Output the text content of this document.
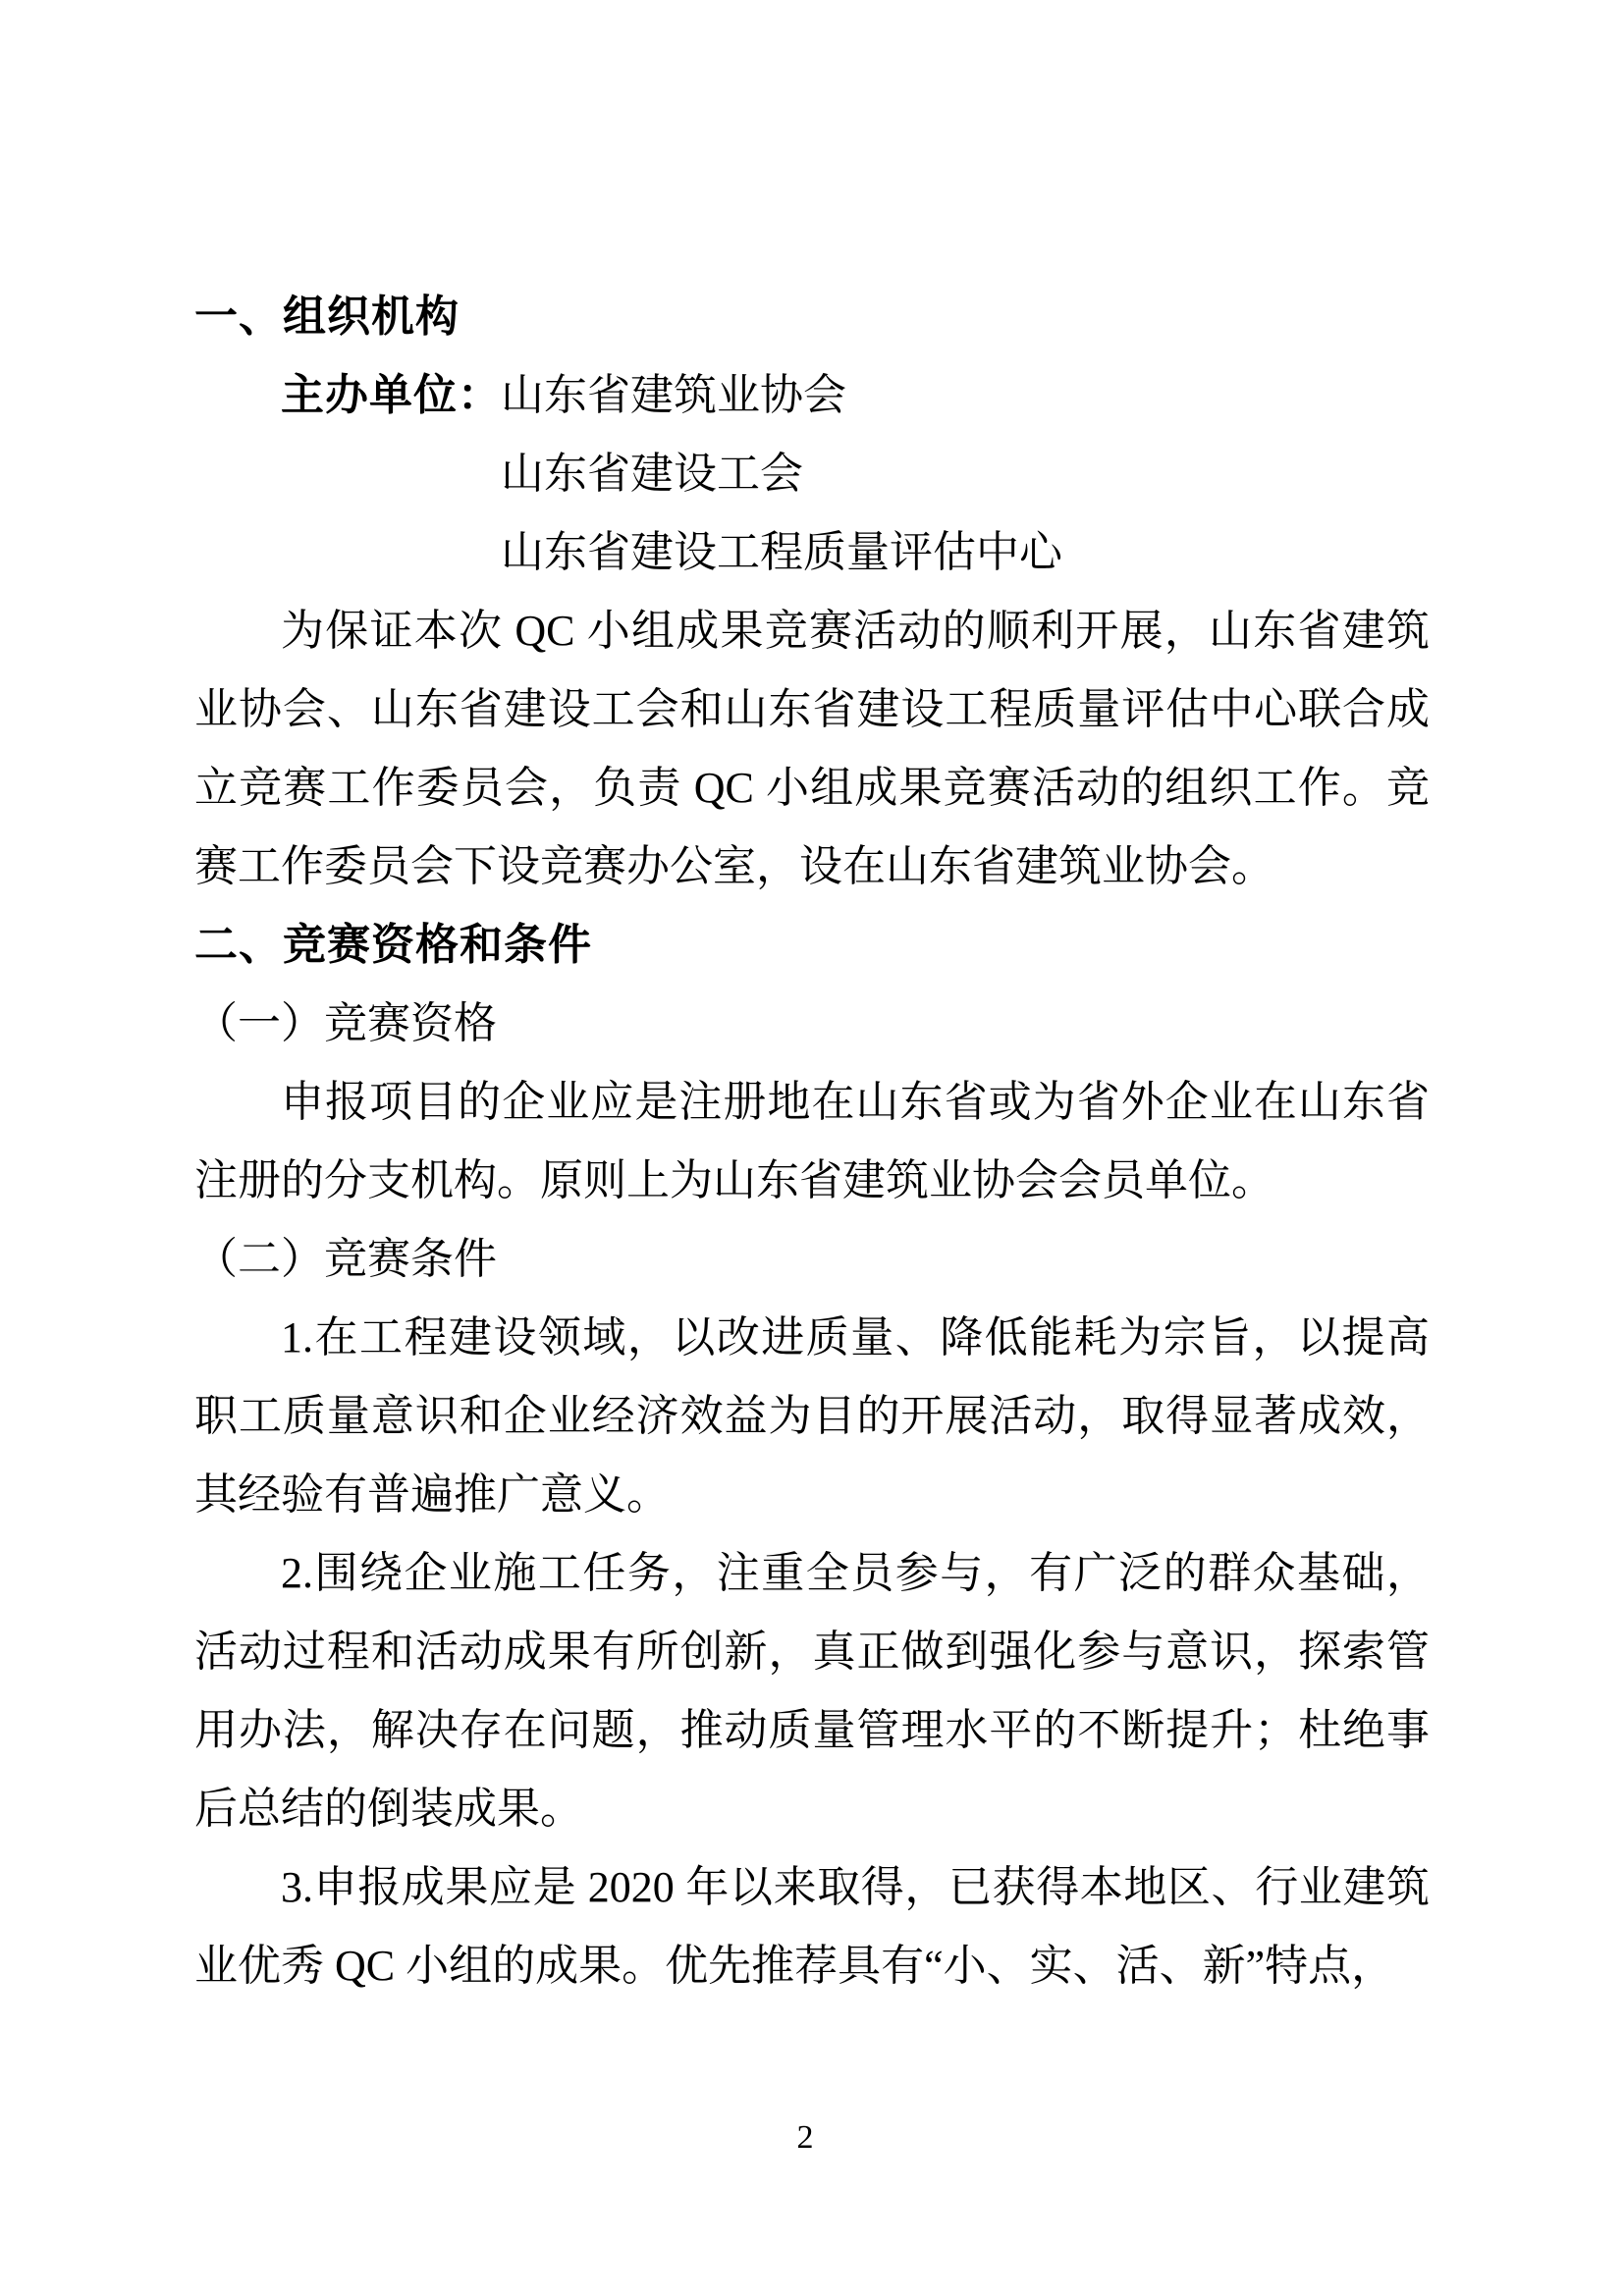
一、组织机构
主办单位：山东省建筑业协会
山东省建设工会
山东省建设工程质量评估中心

为保证本次 QC 小组成果竞赛活动的顺利开展，山东省建筑业协会、山东省建设工会和山东省建设工程质量评估中心联合成立竞赛工作委员会，负责 QC 小组成果竞赛活动的组织工作。竞赛工作委员会下设竞赛办公室，设在山东省建筑业协会。

二、竞赛资格和条件

（一）竞赛资格

申报项目的企业应是注册地在山东省或为省外企业在山东省注册的分支机构。原则上为山东省建筑业协会会员单位。

（二）竞赛条件

1.在工程建设领域，以改进质量、降低能耗为宗旨，以提高职工质量意识和企业经济效益为目的开展活动，取得显著成效，其经验有普遍推广意义。

2.围绕企业施工任务，注重全员参与，有广泛的群众基础，活动过程和活动成果有所创新，真正做到强化参与意识，探索管用办法，解决存在问题，推动质量管理水平的不断提升；杜绝事后总结的倒装成果。

3.申报成果应是 2020 年以来取得，已获得本地区、行业建筑业优秀 QC 小组的成果。优先推荐具有“小、实、活、新”特点，

2
